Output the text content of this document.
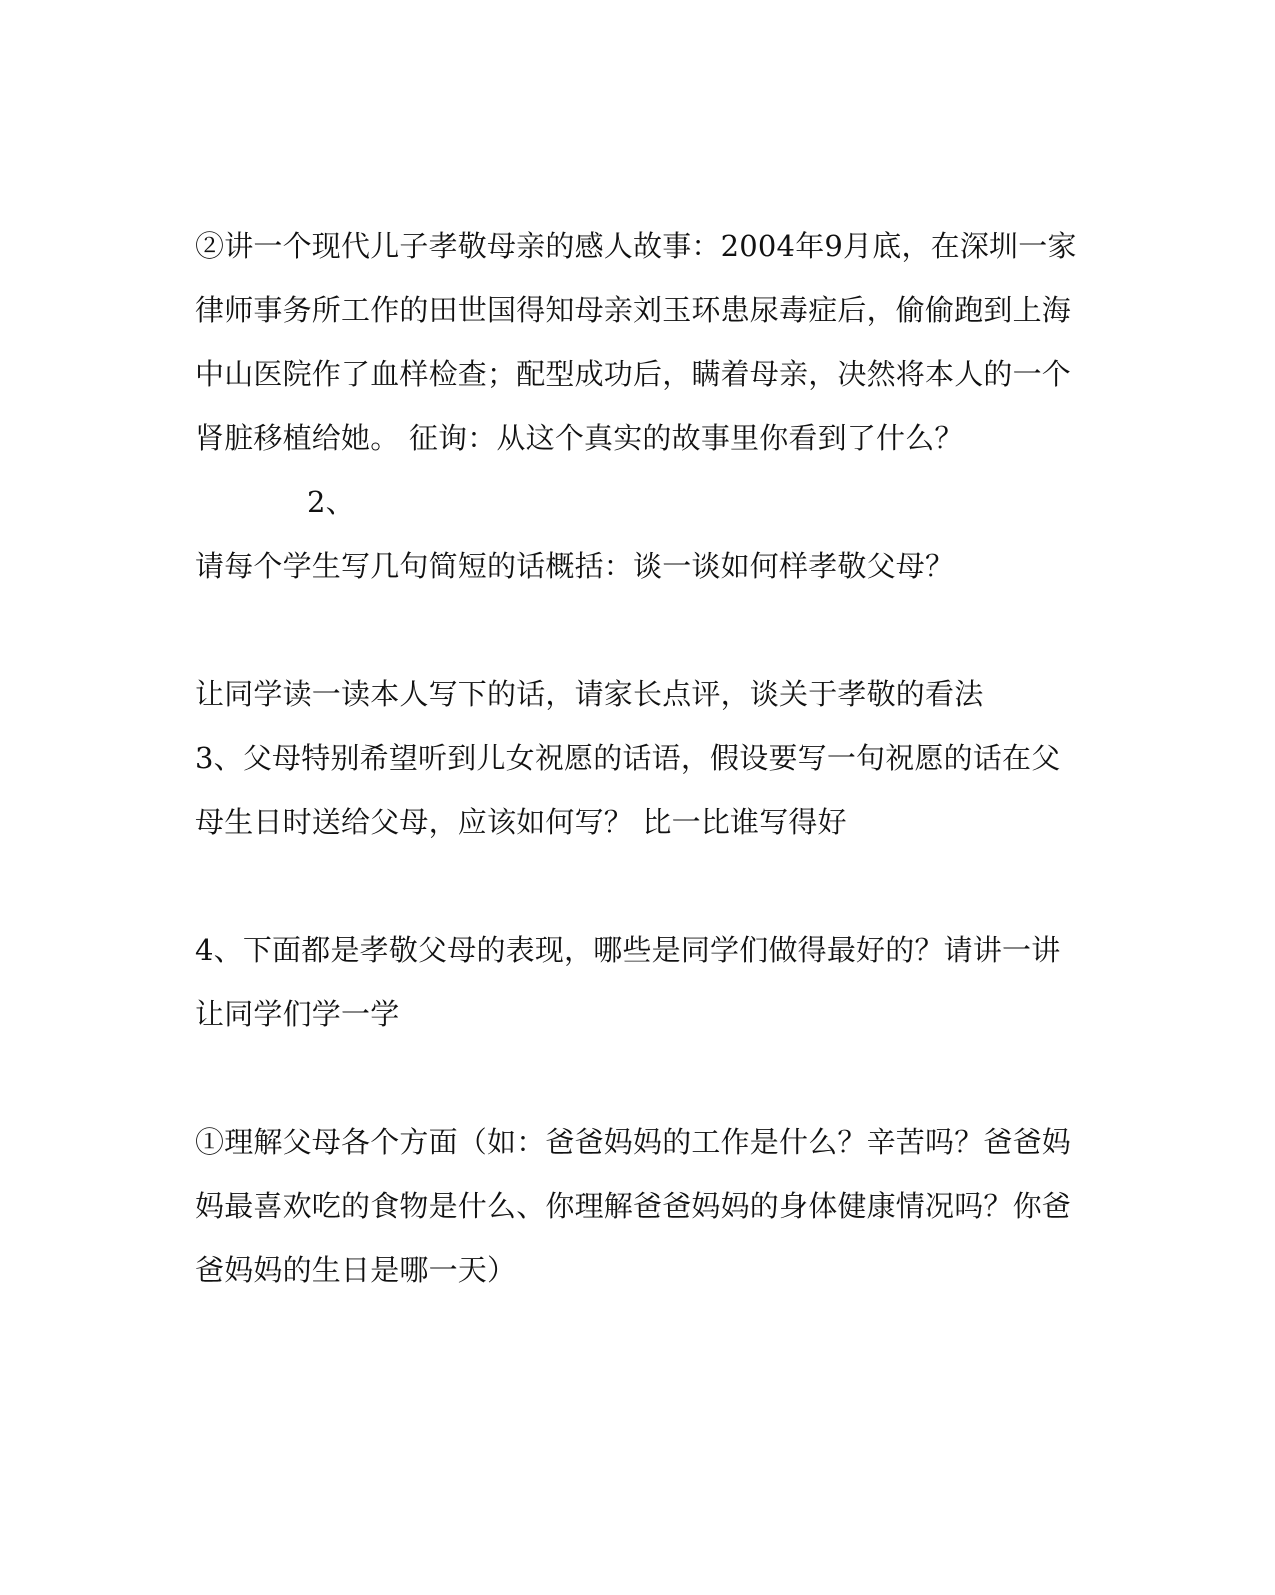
②讲一个现代儿子孝敬母亲的感人故事：2004年9月底，在深圳一家
律师事务所工作的田世国得知母亲刘玉环患尿毒症后，偷偷跑到上海
中山医院作了血样检查；配型成功后，瞒着母亲，决然将本人的一个
肾脏移植给她。 征询：从这个真实的故事里你看到了什么？
2、
请每个学生写几句简短的话概括：谈一谈如何样孝敬父母？
让同学读一读本人写下的话，请家长点评，谈关于孝敬的看法
3、父母特别希望听到儿女祝愿的话语，假设要写一句祝愿的话在父
母生日时送给父母，应该如何写？ 比一比谁写得好
4、下面都是孝敬父母的表现，哪些是同学们做得最好的？请讲一讲
让同学们学一学
①理解父母各个方面（如：爸爸妈妈的工作是什么？辛苦吗？爸爸妈
妈最喜欢吃的食物是什么、你理解爸爸妈妈的身体健康情况吗？你爸
爸妈妈的生日是哪一天）
